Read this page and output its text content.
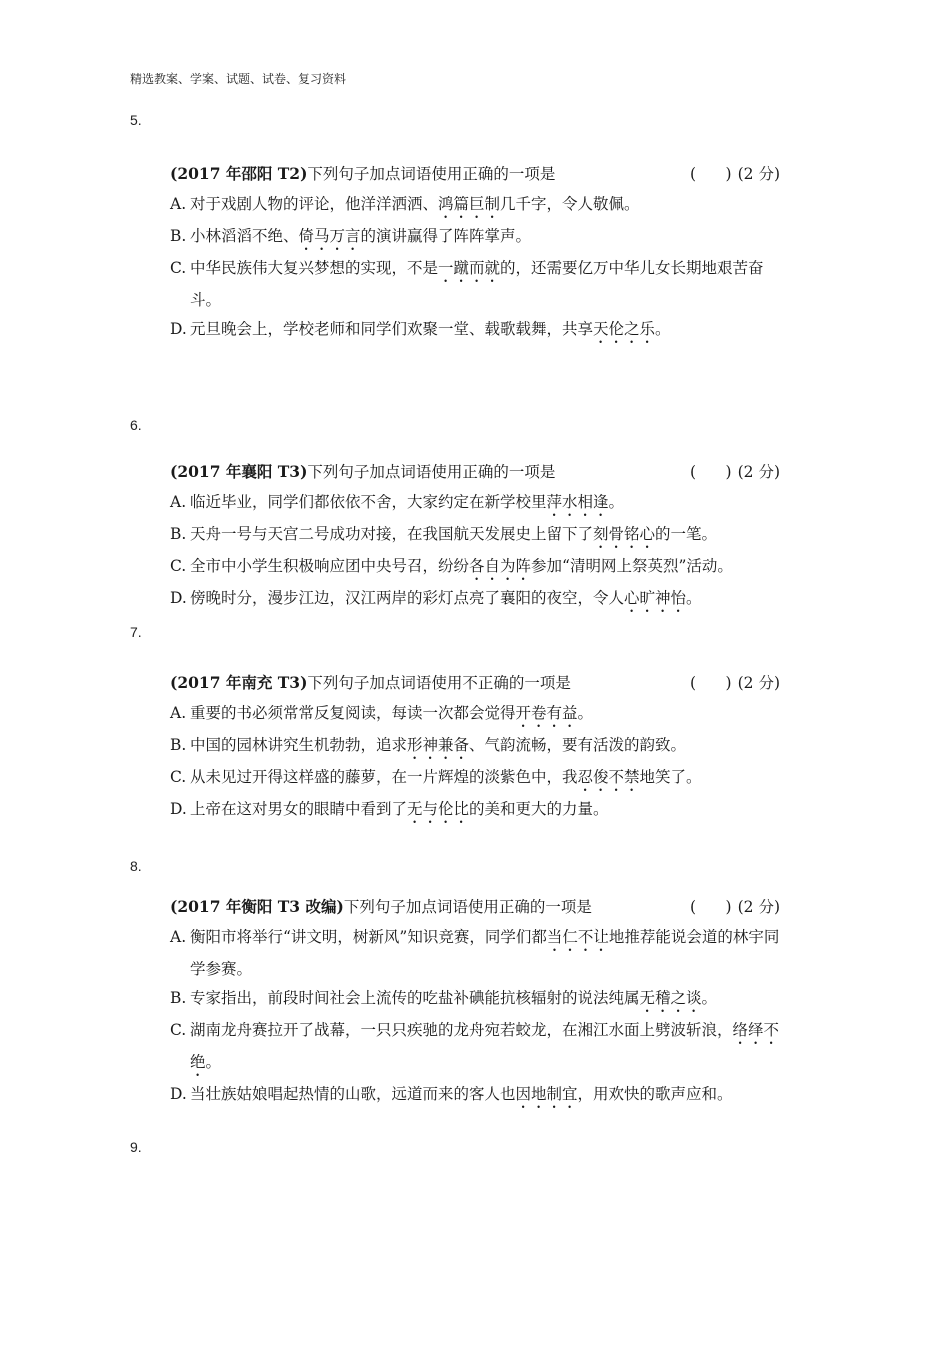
精选教案、学案、试题、试卷、复习资料
5.
(2017 年邵阳 T2)下列句子加点词语使用正确的一项是	(      ) (2 分)
A. 对于戏剧人物的评论，他洋洋洒洒、鸿篇巨制几千字，令人敬佩。
B. 小林滔滔不绝、倚马万言的演讲赢得了阵阵掌声。
C. 中华民族伟大复兴梦想的实现，不是一蹴而就的，还需要亿万中华儿女长期地艰苦奋斗。
D. 元旦晚会上，学校老师和同学们欢聚一堂、载歌载舞，共享天伦之乐。
6.
(2017 年襄阳 T3)下列句子加点词语使用正确的一项是	(      ) (2 分)
A. 临近毕业，同学们都依依不舍，大家约定在新学校里萍水相逢。
B. 天舟一号与天宫二号成功对接，在我国航天发展史上留下了刻骨铭心的一笔。
C. 全市中小学生积极响应团中央号召，纷纷各自为阵参加“清明网上祭英烈”活动。
D. 傍晚时分，漫步江边，汉江两岸的彩灯点亮了襄阳的夜空，令人心旷神怡。
7.
(2017 年南充 T3)下列句子加点词语使用不正确的一项是	(      ) (2 分)
A. 重要的书必须常常反复阅读，每读一次都会觉得开卷有益。
B. 中国的园林讲究生机勃勃，追求形神兼备、气韵流畅，要有活泼的韵致。
C. 从未见过开得这样盛的藤萝，在一片辉煌的淡紫色中，我忍俊不禁地笑了。
D. 上帝在这对男女的眼睛中看到了无与伦比的美和更大的力量。
8.
(2017 年衡阳 T3 改编)下列句子加点词语使用正确的一项是	(      ) (2 分)
A. 衡阳市将举行“讲文明，树新风”知识竞赛，同学们都当仁不让地推荐能说会道的林宇同学参赛。
B. 专家指出，前段时间社会上流传的吃盐补碘能抗核辐射的说法纯属无稽之谈。
C. 湖南龙舟赛拉开了战幕，一只只疾驰的龙舟宛若蛟龙，在湘江水面上劈波斩浪，络绎不绝。
D. 当壮族姑娘唱起热情的山歌，远道而来的客人也因地制宜，用欢快的歌声应和。
9.
